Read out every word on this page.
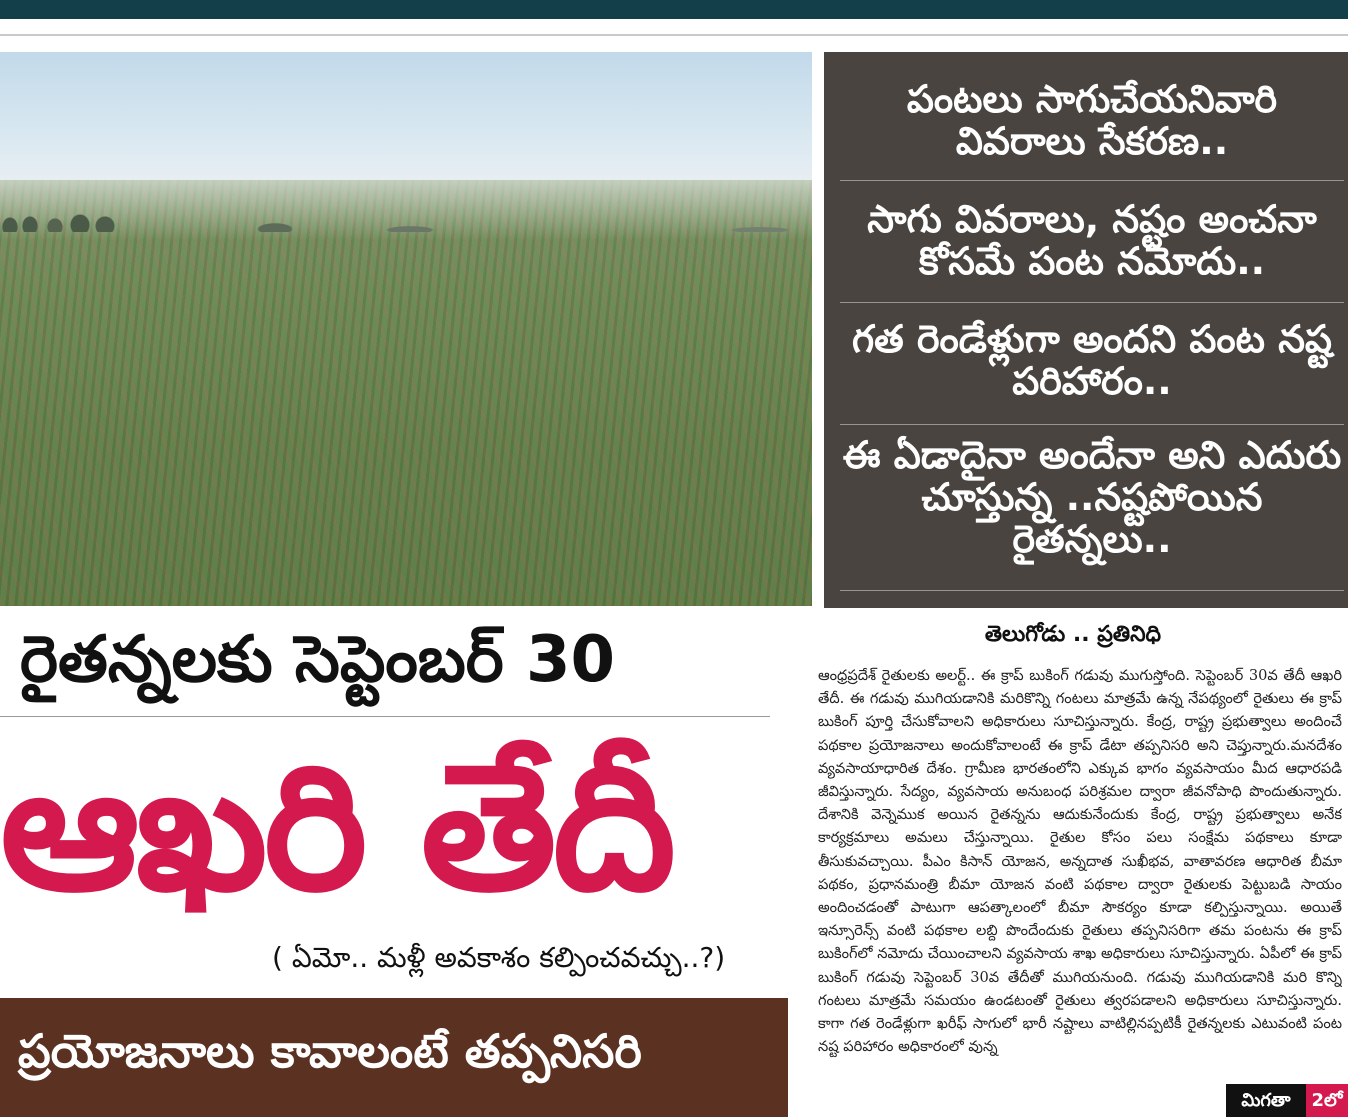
పంటలు సాగుచేయనివారి వివరాలు సేకరణ..
సాగు వివరాలు, నష్టం అంచనా కోసమే పంట నమోదు..
గత రెండేళ్లుగా అందని పంట నష్ట పరిహారం..
ఈ ఏడాదైనా అందేనా అని ఎదురు చూస్తున్న ..నష్టపోయిన రైతన్నలు..
రైతన్నలకు సెప్టెంబర్ 30
ఆఖరి తేదీ
( ఏమో.. మళ్లీ అవకాశం కల్పించవచ్చు..?)
ప్రయోజనాలు కావాలంటే తప్పనిసరి
తెలుగోడు .. ప్రతినిధి
ఆంధ్రప్రదేశ్ రైతులకు అలర్ట్.. ఈ క్రాప్ బుకింగ్ గడువు ముగుస్తోంది. సెప్టెంబర్ 30వ తేదీ ఆఖరి తేదీ. ఈ గడువు ముగియడానికి మరికొన్ని గంటలు మాత్రమే ఉన్న నేపథ్యంలో రైతులు ఈ క్రాప్ బుకింగ్ పూర్తి చేసుకోవాలని అధికారులు సూచిస్తున్నారు. కేంద్ర, రాష్ట్ర ప్రభుత్వాలు అందించే పథకాల ప్రయోజనాలు అందుకోవాలంటే ఈ క్రాప్ డేటా తప్పనిసరి అని చెప్తున్నారు.మనదేశం వ్యవసాయాధారిత దేశం. గ్రామీణ భారతంలోని ఎక్కువ భాగం వ్యవసాయం మీద ఆధారపడి జీవిస్తున్నారు. సేద్యం, వ్యవసాయ అనుబంధ పరిశ్రమల ద్వారా జీవనోపాధి పొందుతున్నారు. దేశానికి వెన్నెముక అయిన రైతన్నను ఆదుకునేందుకు కేంద్ర, రాష్ట్ర ప్రభుత్వాలు అనేక కార్యక్రమాలు అమలు చేస్తున్నాయి. రైతుల కోసం పలు సంక్షేమ పథకాలు కూడా తీసుకువచ్చాయి. పీఎం కిసాన్ యోజన, అన్నదాత సుఖీభవ, వాతావరణ ఆధారిత బీమా పథకం, ప్రధానమంత్రి బీమా యోజన వంటి పథకాల ద్వారా రైతులకు పెట్టుబడి సాయం అందించడంతో పాటుగా ఆపత్కాలంలో బీమా సౌకర్యం కూడా కల్పిస్తున్నాయి. అయితే ఇన్సూరెన్స్ వంటి పథకాల లబ్ది పొందేందుకు రైతులు తప్పనిసరిగా తమ పంటను ఈ క్రాప్ బుకింగ్‌లో నమోదు చేయించాలని వ్యవసాయ శాఖ అధికారులు సూచిస్తున్నారు. ఏపీలో ఈ క్రాప్ బుకింగ్ గడువు సెప్టెంబర్ 30వ తేదీతో ముగియనుంది. గడువు ముగియడానికి మరి కొన్ని గంటలు మాత్రమే సమయం ఉండటంతో రైతులు త్వరపడాలని అధికారులు సూచిస్తున్నారు. కాగా గత రెండేళ్లుగా ఖరీఫ్ సాగులో భారీ నష్టాలు వాటిల్లినప్పటికీ రైతన్నలకు ఎటువంటి పంట నష్ట పరిహారం అధికారంలో వున్న
మిగతా	2లో
